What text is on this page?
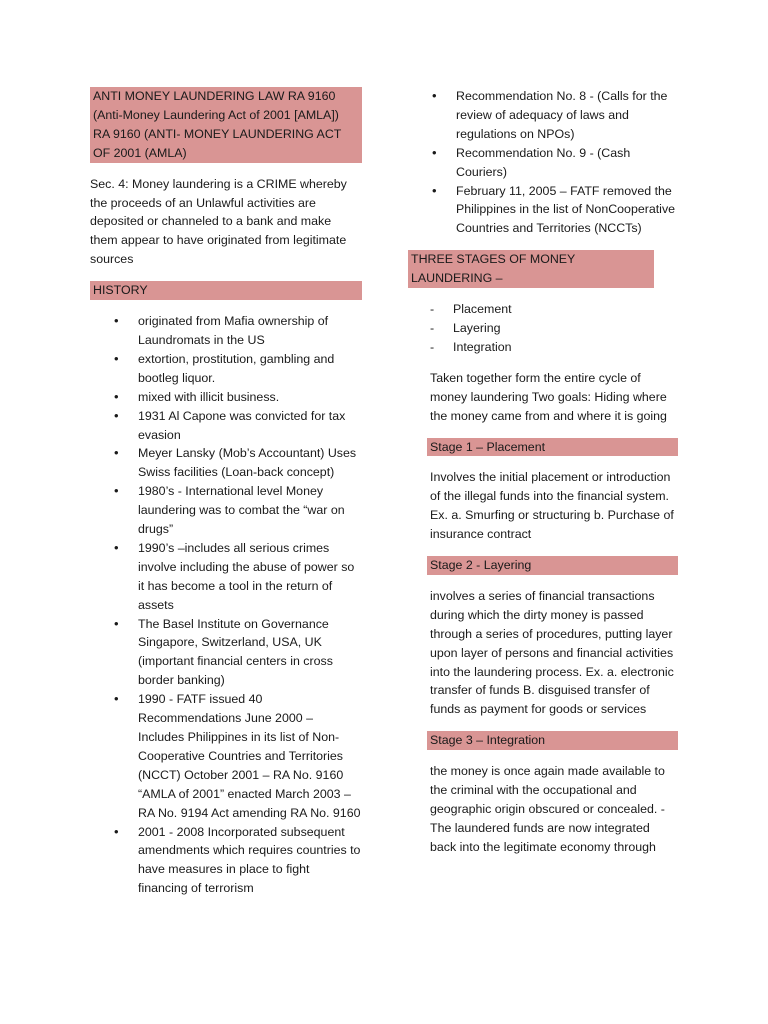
ANTI MONEY LAUNDERING LAW RA 9160 (Anti-Money Laundering Act of 2001 [AMLA]) RA 9160 (ANTI- MONEY LAUNDERING ACT OF 2001 (AMLA)

Sec. 4: Money laundering is a CRIME whereby the proceeds of an Unlawful activities are deposited or channeled to a bank and make them appear to have originated from legitimate sources

HISTORY
• originated from Mafia ownership of Laundromats in the US
• extortion, prostitution, gambling and bootleg liquor.
• mixed with illicit business.
• 1931 Al Capone was convicted for tax evasion
• Meyer Lansky (Mob’s Accountant) Uses Swiss facilities (Loan-back concept)
• 1980’s - International level Money laundering was to combat the “war on drugs”
• 1990’s –includes all serious crimes involve including the abuse of power so it has become a tool in the return of assets
• The Basel Institute on Governance Singapore, Switzerland, USA, UK (important financial centers in cross border banking)
• 1990 - FATF issued 40 Recommendations June 2000 – Includes Philippines in its list of Non-Cooperative Countries and Territories (NCCT) October 2001 – RA No. 9160 “AMLA of 2001” enacted March 2003 – RA No. 9194 Act amending RA No. 9160
• 2001 - 2008 Incorporated subsequent amendments which requires countries to have measures in place to fight financing of terrorism
• Recommendation No. 8 - (Calls for the review of adequacy of laws and regulations on NPOs)
• Recommendation No. 9 - (Cash Couriers)
• February 11, 2005 – FATF removed the Philippines in the list of NonCooperative Countries and Territories (NCCTs)
THREE STAGES OF MONEY LAUNDERING –
- Placement
- Layering
- Integration

Taken together form the entire cycle of money laundering Two goals: Hiding where the money came from and where it is going

Stage 1 – Placement

Involves the initial placement or introduction of the illegal funds into the financial system. Ex. a. Smurfing or structuring b. Purchase of insurance contract

Stage 2 - Layering

involves a series of financial transactions during which the dirty money is passed through a series of procedures, putting layer upon layer of persons and financial activities into the laundering process. Ex. a. electronic transfer of funds B. disguised transfer of funds as payment for goods or services

Stage 3 – Integration

the money is once again made available to the criminal with the occupational and geographic origin obscured or concealed. - The laundered funds are now integrated back into the legitimate economy through
